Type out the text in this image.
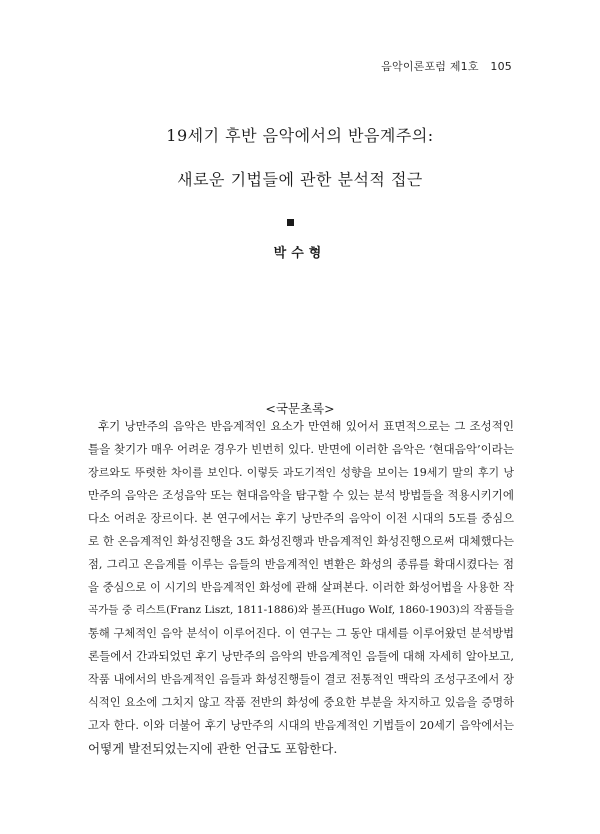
음악이론포럼 제1호 105
19세기 후반 음악에서의 반음계주의:
새로운 기법들에 관한 분석적 접근
박수형
<국문초록>
후기 낭만주의 음악은 반음계적인 요소가 만연해 있어서 표면적으로는 그 조성적인
틀을 찾기가 매우 어려운 경우가 빈번히 있다. 반면에 이러한 음악은 ‘현대음악’이라는
장르와도 뚜렷한 차이를 보인다. 이렇듯 과도기적인 성향을 보이는 19세기 말의 후기 낭
만주의 음악은 조성음악 또는 현대음악을 탐구할 수 있는 분석 방법들을 적용시키기에
다소 어려운 장르이다. 본 연구에서는 후기 낭만주의 음악이 이전 시대의 5도를 중심으
로 한 온음계적인 화성진행을 3도 화성진행과 반음계적인 화성진행으로써 대체했다는
점, 그리고 온음계를 이루는 음들의 반음계적인 변환은 화성의 종류를 확대시켰다는 점
을 중심으로 이 시기의 반음계적인 화성에 관해 살펴본다. 이러한 화성어법을 사용한 작
곡가들 중 리스트(Franz Liszt, 1811-1886)와 볼프(Hugo Wolf, 1860-1903)의 작품들을
통해 구체적인 음악 분석이 이루어진다. 이 연구는 그 동안 대세를 이루어왔던 분석방법
론들에서 간과되었던 후기 낭만주의 음악의 반음계적인 음들에 대해 자세히 알아보고,
작품 내에서의 반음계적인 음들과 화성진행들이 결코 전통적인 맥락의 조성구조에서 장
식적인 요소에 그치지 않고 작품 전반의 화성에 중요한 부분을 차지하고 있음을 증명하
고자 한다. 이와 더불어 후기 낭만주의 시대의 반음계적인 기법들이 20세기 음악에서는
어떻게 발전되었는지에 관한 언급도 포함한다.
